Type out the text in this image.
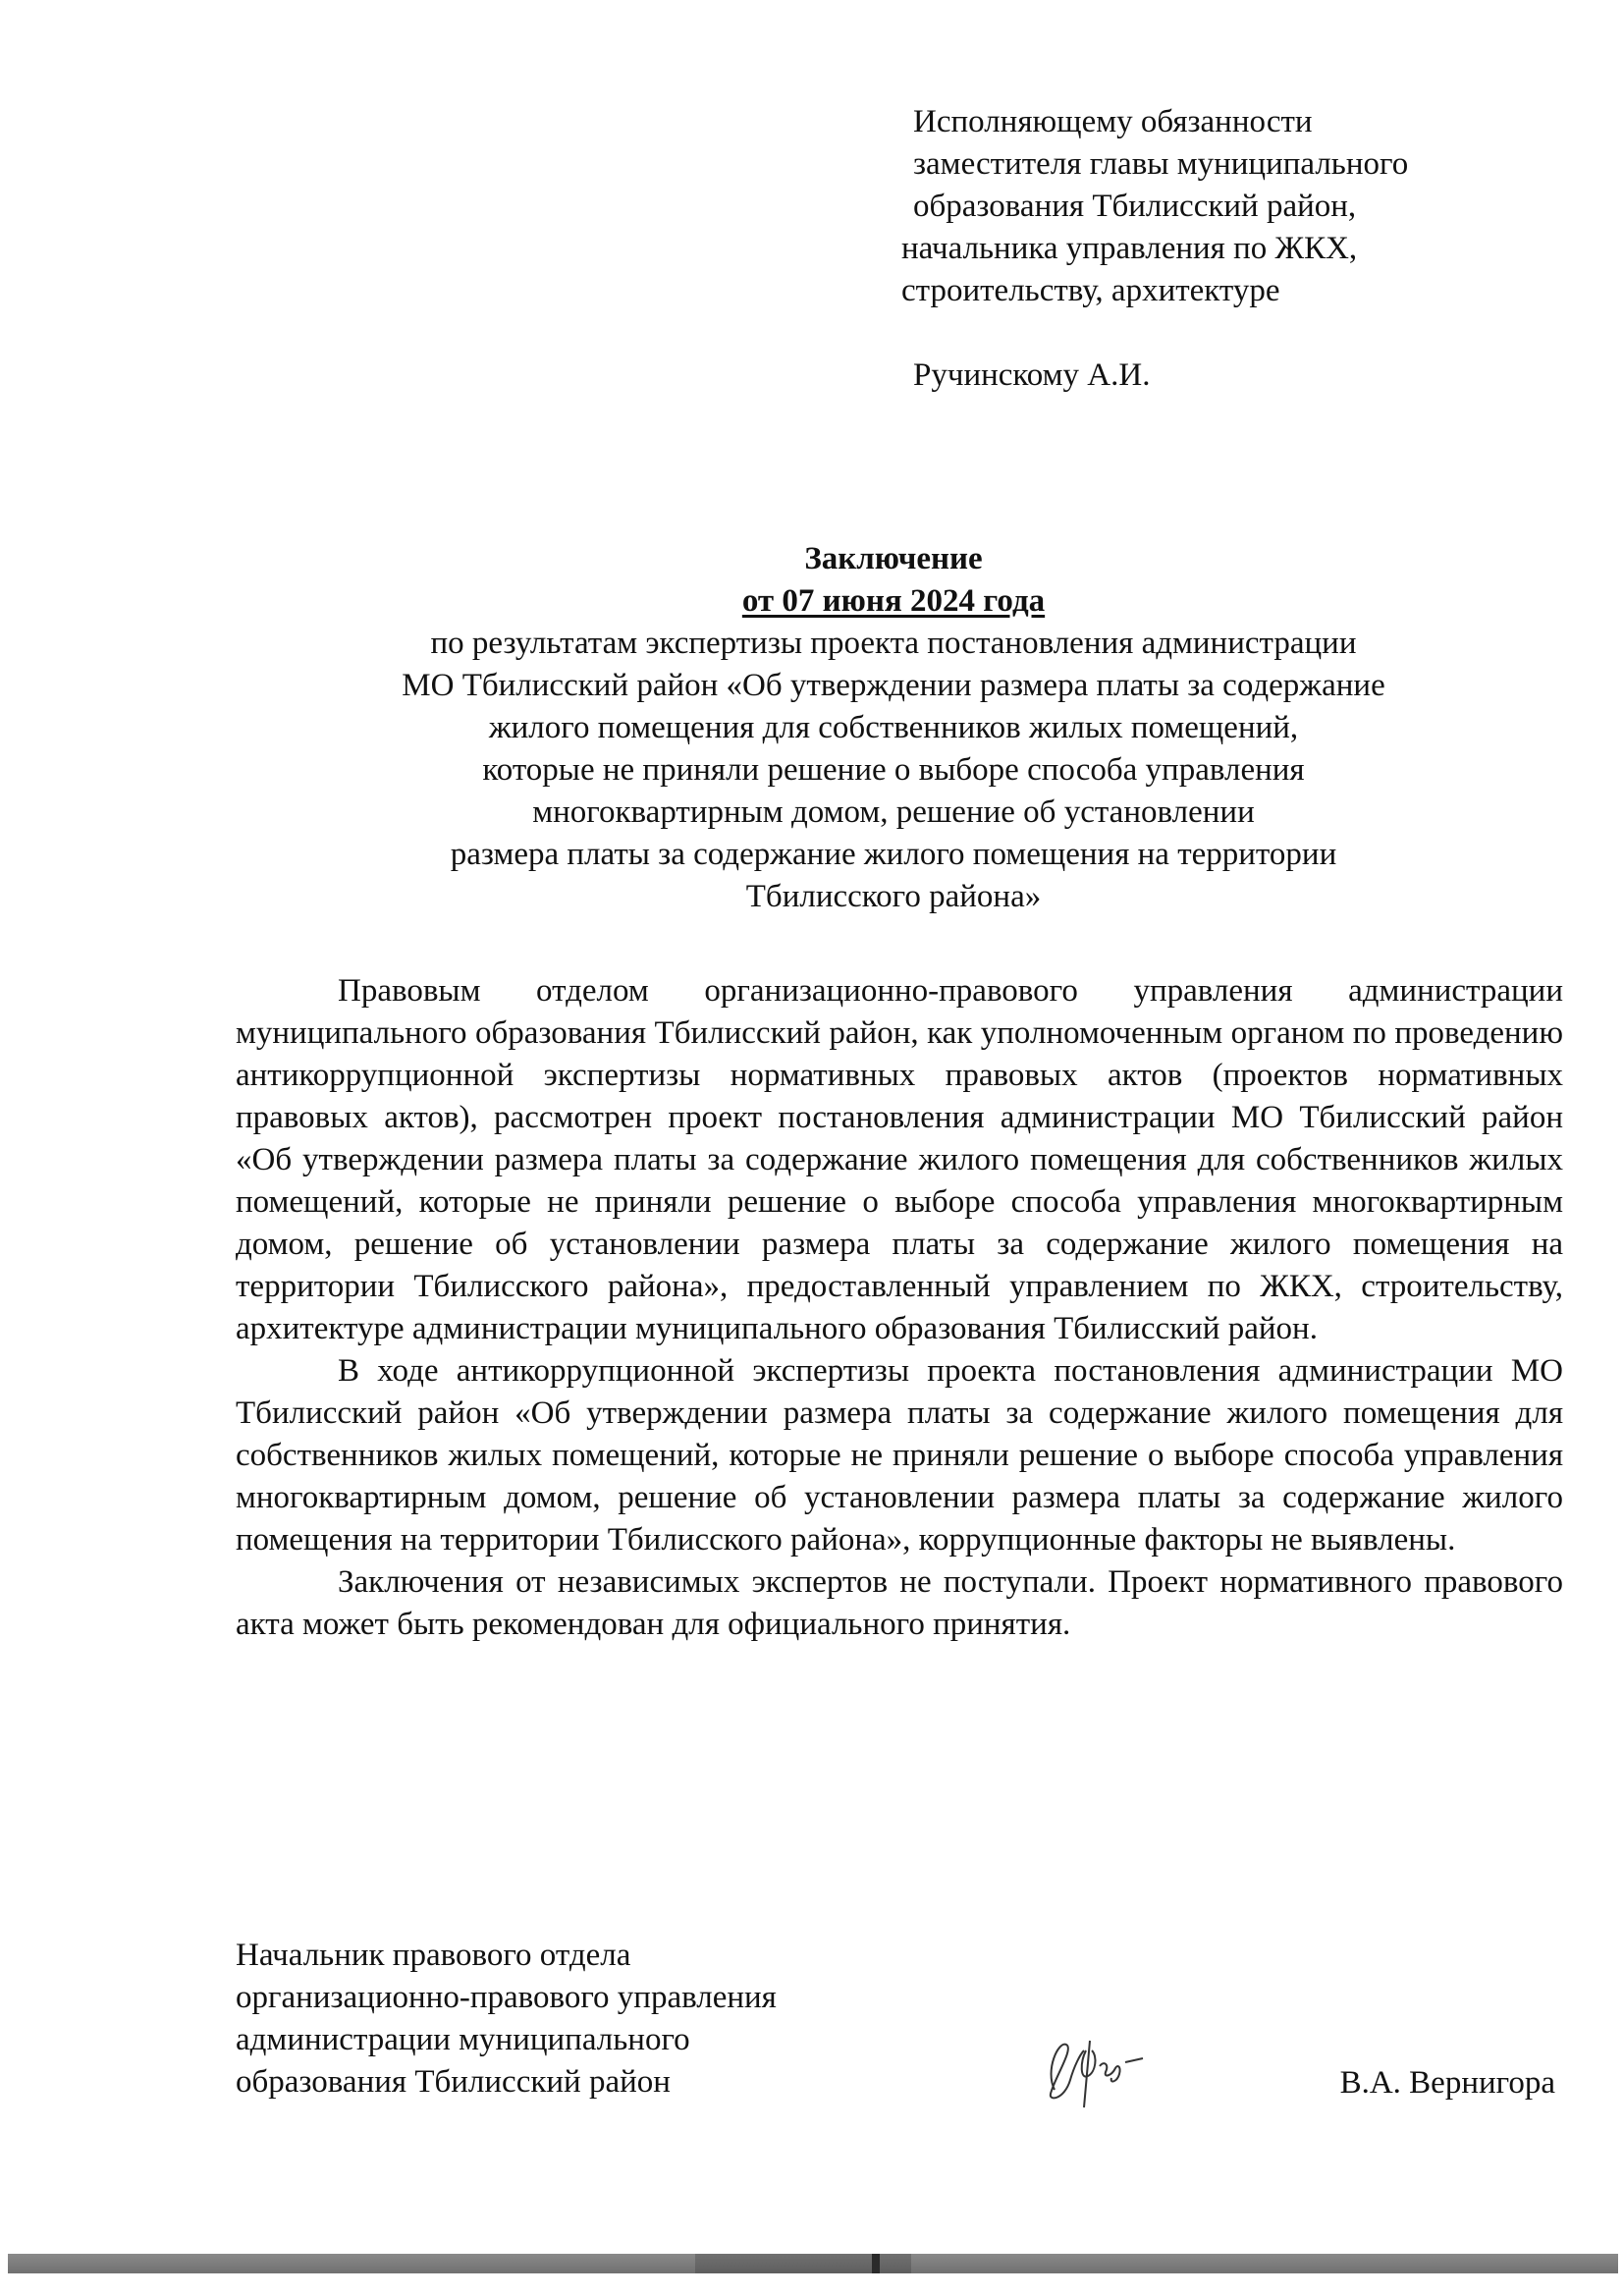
Исполняющему обязанности
заместителя главы муниципального
образования Тбилисский район,
начальника управления по ЖКХ,
строительству, архитектуре
Ручинскому А.И.
Заключение
от 07 июня 2024 года
по результатам экспертизы проекта постановления администрации
МО Тбилисский район «Об утверждении размера платы за содержание
жилого помещения для собственников жилых помещений,
которые не приняли решение о выборе способа управления
многоквартирным домом, решение об установлении
размера платы за содержание жилого помещения на территории
Тбилисского района»

Правовым отделом организационно-правового управления администрации муниципального образования Тбилисский район, как уполномоченным органом по проведению антикоррупционной экспертизы нормативных правовых актов (проектов нормативных правовых актов), рассмотрен проект постановления администрации МО Тбилисский район «Об утверждении размера платы за содержание жилого помещения для собственников жилых помещений, которые не приняли решение о выборе способа управления многоквартирным домом, решение об установлении размера платы за содержание жилого помещения на территории Тбилисского района», предоставленный управлением по ЖКХ, строительству, архитектуре администрации муниципального образования Тбилисский район.

В ходе антикоррупционной экспертизы проекта постановления администрации МО Тбилисский район «Об утверждении размера платы за содержание жилого помещения для собственников жилых помещений, которые не приняли решение о выборе способа управления многоквартирным домом, решение об установлении размера платы за содержание жилого помещения на территории Тбилисского района», коррупционные факторы не выявлены.

Заключения от независимых экспертов не поступали. Проект нормативного правового акта может быть рекомендован для официального принятия.

Начальник правового отдела
организационно-правового управления
администрации муниципального
образования Тбилисский район	В.А. Вернигора
